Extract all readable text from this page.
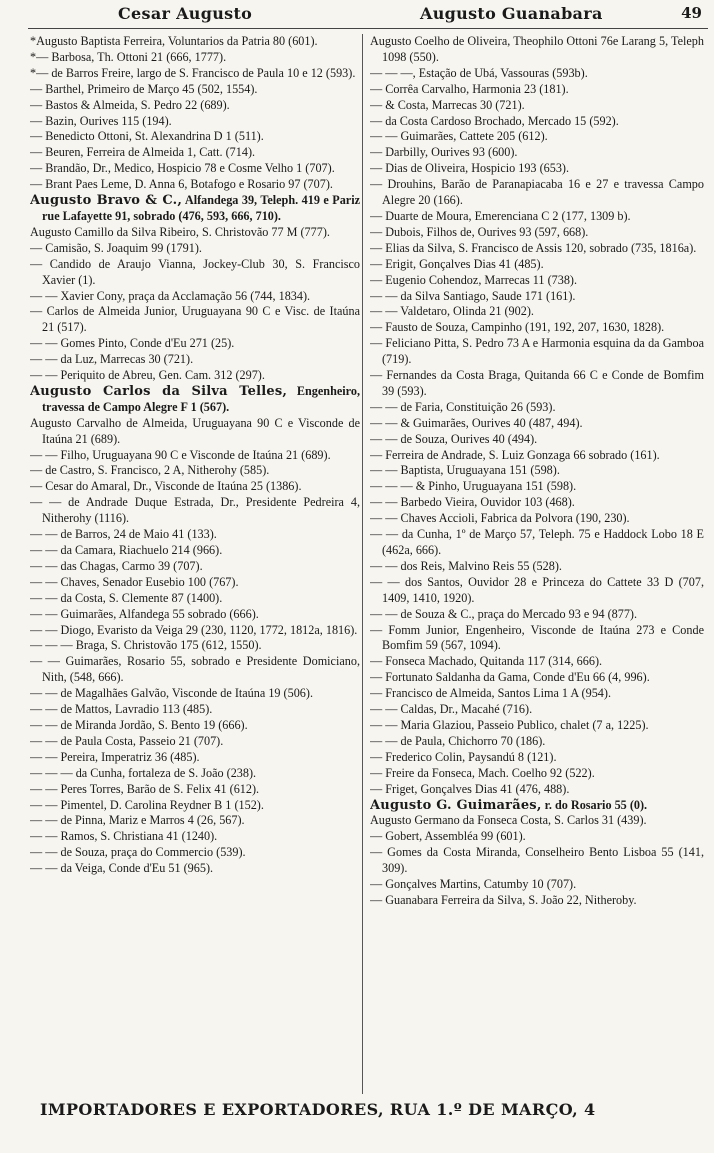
Cesar Augusto	Augusto Guanabara	49

*Augusto Baptista Ferreira, Voluntarios da Patria 80 (601).

*— Barbosa, Th. Ottoni 21 (666, 1777).

*— de Barros Freire, largo de S. Francisco de Paula 10 e 12 (593).

— Barthel, Primeiro de Março 45 (502, 1554).

— Bastos & Almeida, S. Pedro 22 (689).

— Bazin, Ourives 115 (194).

— Benedicto Ottoni, St. Alexandrina D 1 (511).

— Beuren, Ferreira de Almeida 1, Catt. (714).

— Brandão, Dr., Medico, Hospicio 78 e Cosme Velho 1 (707).

— Brant Paes Leme, D. Anna 6, Botafogo e Rosario 97 (707).

Augusto Bravo & C., Alfandega 39, Teleph. 419 e Pariz rue Lafayette 91, sobrado (476, 593, 666, 710).

Augusto Camillo da Silva Ribeiro, S. Christovão 77 M (777).

— Camisão, S. Joaquim 99 (1791).

— Candido de Araujo Vianna, Jockey-Club 30, S. Francisco Xavier (1).

— — Xavier Cony, praça da Acclamação 56 (744, 1834).

— Carlos de Almeida Junior, Uruguayana 90 C e Visc. de Itaúna 21 (517).

— — Gomes Pinto, Conde d'Eu 271 (25).

— — da Luz, Marrecas 30 (721).

— — Periquito de Abreu, Gen. Cam. 312 (297).

Augusto Carlos da Silva Telles, Engenheiro, travessa de Campo Alegre F 1 (567).

Augusto Carvalho de Almeida, Uruguayana 90 C e Visconde de Itaúna 21 (689).

— — Filho, Uruguayana 90 C e Visconde de Itaúna 21 (689).

— de Castro, S. Francisco, 2 A, Nitherohy (585).

— Cesar do Amaral, Dr., Visconde de Itaúna 25 (1386).

— — de Andrade Duque Estrada, Dr., Presidente Pedreira 4, Nitherohy (1116).

— — de Barros, 24 de Maio 41 (133).

— — da Camara, Riachuelo 214 (966).

— — das Chagas, Carmo 39 (707).

— — Chaves, Senador Eusebio 100 (767).

— — da Costa, S. Clemente 87 (1400).

— — Guimarães, Alfandega 55 sobrado (666).

— — Diogo, Evaristo da Veiga 29 (230, 1120, 1772, 1812a, 1816).

— — — Braga, S. Christovão 175 (612, 1550).

— — Guimarães, Rosario 55, sobrado e Presidente Domiciano, Nith, (548, 666).

— — de Magalhães Galvão, Visconde de Itaúna 19 (506).

— — de Mattos, Lavradio 113 (485).

— — de Miranda Jordão, S. Bento 19 (666).

— — de Paula Costa, Passeio 21 (707).

— — Pereira, Imperatriz 36 (485).

— — — da Cunha, fortaleza de S. João (238).

— — Peres Torres, Barão de S. Felix 41 (612).

— — Pimentel, D. Carolina Reydner B 1 (152).

— — de Pinna, Mariz e Marros 4 (26, 567).

— — Ramos, S. Christiana 41 (1240).

— — de Souza, praça do Commercio (539).

— — da Veiga, Conde d'Eu 51 (965).

Augusto Coelho de Oliveira, Theophilo Ottoni 76e Larang 5, Teleph 1098 (550).

— — —, Estação de Ubá, Vassouras (593b).

— Corrêa Carvalho, Harmonia 23 (181).

— & Costa, Marrecas 30 (721).

— da Costa Cardoso Brochado, Mercado 15 (592).

— — Guimarães, Cattete 205 (612).

— Darbilly, Ourives 93 (600).

— Dias de Oliveira, Hospicio 193 (653).

— Drouhins, Barão de Paranapiacaba 16 e 27 e travessa Campo Alegre 20 (166).

— Duarte de Moura, Emerenciana C 2 (177, 1309 b).

— Dubois, Filhos de, Ourives 93 (597, 668).

— Elias da Silva, S. Francisco de Assis 120, sobrado (735, 1816a).

— Erigit, Gonçalves Dias 41 (485).

— Eugenio Cohendoz, Marrecas 11 (738).

— — da Silva Santiago, Saude 171 (161).

— — Valdetaro, Olinda 21 (902).

— Fausto de Souza, Campinho (191, 192, 207, 1630, 1828).

— Feliciano Pitta, S. Pedro 73 A e Harmonia esquina da da Gamboa (719).

— Fernandes da Costa Braga, Quitanda 66 C e Conde de Bomfim 39 (593).

— — de Faria, Constituição 26 (593).

— — & Guimarães, Ourives 40 (487, 494).

— — de Souza, Ourives 40 (494).

— Ferreira de Andrade, S. Luiz Gonzaga 66 sobrado (161).

— — Baptista, Uruguayana 151 (598).

— — — & Pinho, Uruguayana 151 (598).

— — Barbedo Vieira, Ouvidor 103 (468).

— — Chaves Accioli, Fabrica da Polvora (190, 230).

— — da Cunha, 1º de Março 57, Teleph. 75 e Haddock Lobo 18 E (462a, 666).

— — dos Reis, Malvino Reis 55 (528).

— — dos Santos, Ouvidor 28 e Princeza do Cattete 33 D (707, 1409, 1410, 1920).

— — de Souza & C., praça do Mercado 93 e 94 (877).

— Fomm Junior, Engenheiro, Visconde de Itaúna 273 e Conde Bomfim 59 (567, 1094).

— Fonseca Machado, Quitanda 117 (314, 666).

— Fortunato Saldanha da Gama, Conde d'Eu 66 (4, 996).

— Francisco de Almeida, Santos Lima 1 A (954).

— — Caldas, Dr., Macahé (716).

— — Maria Glaziou, Passeio Publico, chalet (7 a, 1225).

— — de Paula, Chichorro 70 (186).

— Frederico Colin, Paysandú 8 (121).

— Freire da Fonseca, Mach. Coelho 92 (522).

— Friget, Gonçalves Dias 41 (476, 488).

Augusto G. Guimarães, r. do Rosario 55 (0).

Augusto Germano da Fonseca Costa, S. Carlos 31 (439).

— Gobert, Assembléa 99 (601).

— Gomes da Costa Miranda, Conselheiro Bento Lisboa 55 (141, 309).

— Gonçalves Martins, Catumby 10 (707).

— Guanabara Ferreira da Silva, S. João 22, Nitheroby.

IMPORTADORES E EXPORTADORES, RUA 1.º DE MARÇO, 4
